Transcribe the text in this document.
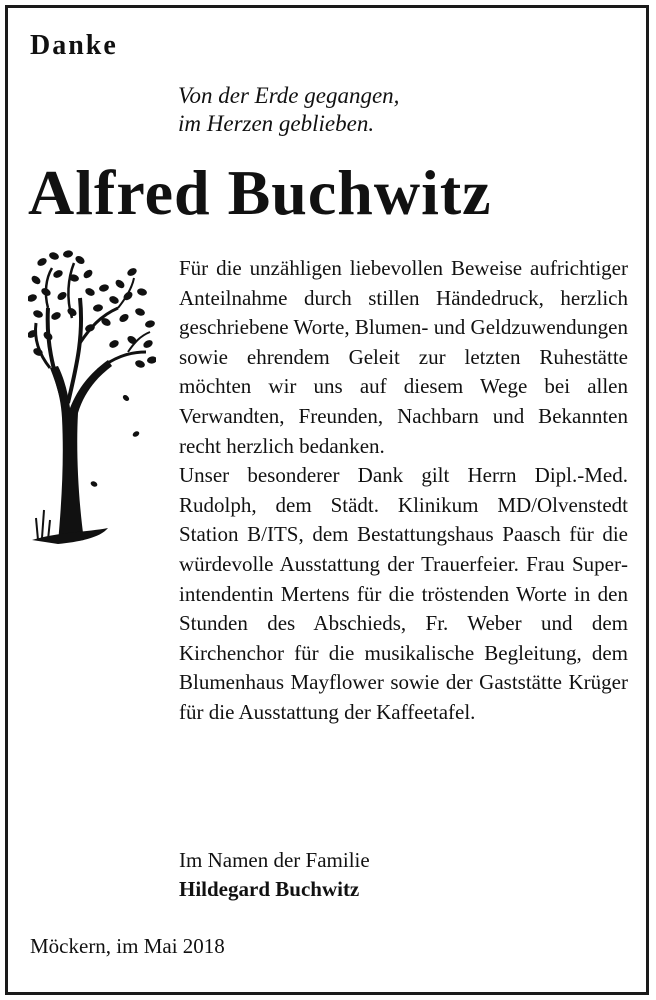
Danke
Von der Erde gegangen,
im Herzen geblieben.
Alfred Buchwitz

Für die unzähligen liebevollen Beweise aufrichtiger Anteilnahme durch stillen Händedruck, herzlich geschriebene Worte, Blumen- und Geldzuwendungen sowie ehrendem Geleit zur letzten Ruhestätte möchten wir uns auf diesem Wege bei allen Verwandten, Freunden, Nachbarn und Bekannten recht herzlich bedanken.

Unser besonderer Dank gilt Herrn Dipl.-Med. Rudolph, dem Städt. Klinikum MD/Olvenstedt Station B/ITS, dem Bestattungshaus Paasch für die würdevolle Ausstattung der Trauerfeier. Frau Superintendentin Mertens für die tröstenden Worte in den Stunden des Abschieds, Fr. Weber und dem Kirchenchor für die musikalische Begleitung, dem Blumenhaus Mayflower sowie der Gaststätte Krüger für die Ausstattung der Kaffeetafel.

Im Namen der Familie
Hildegard Buchwitz
Möckern, im Mai 2018
